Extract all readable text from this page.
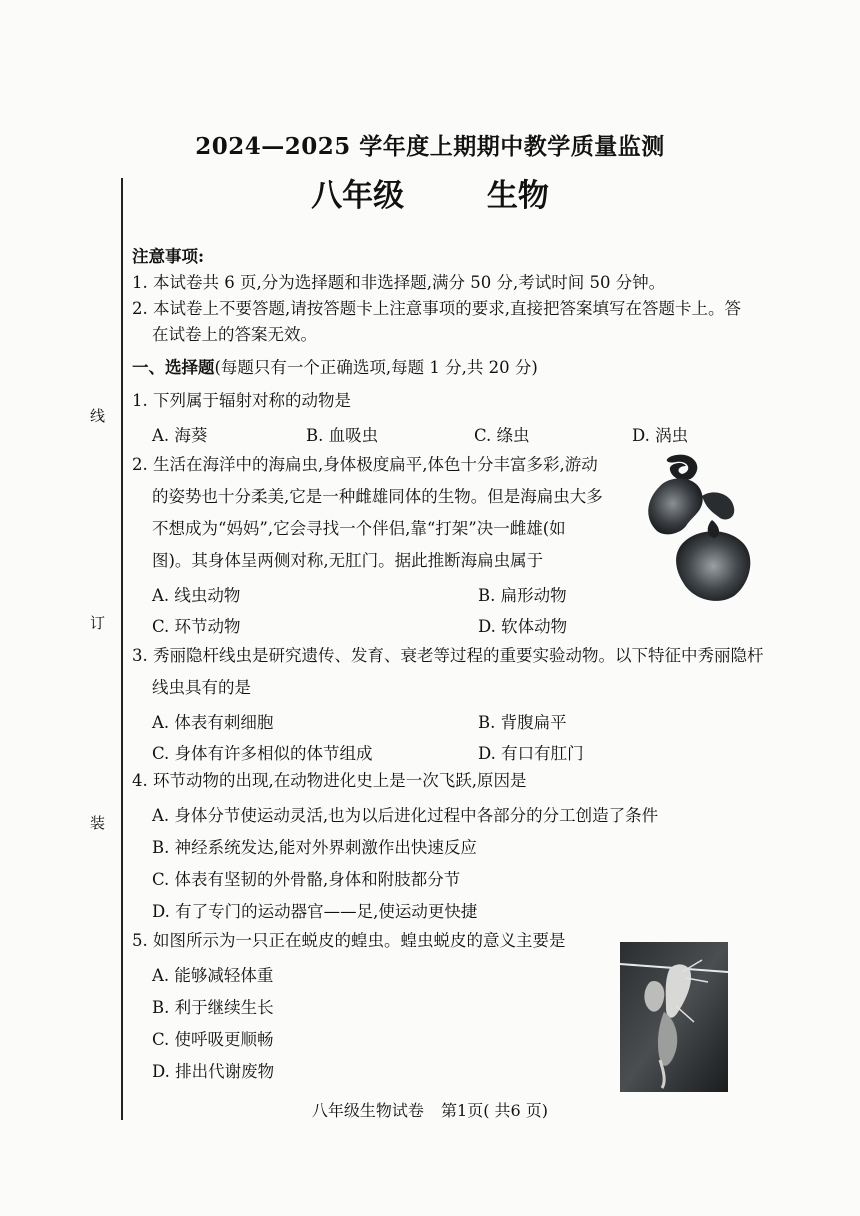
2024—2025 学年度上期期中教学质量监测
八年级	生物
线
订
装
注意事项:
1. 本试卷共 6 页,分为选择题和非选择题,满分 50 分,考试时间 50 分钟。
2. 本试卷上不要答题,请按答题卡上注意事项的要求,直接把答案填写在答题卡上。答
在试卷上的答案无效。
一、选择题(每题只有一个正确选项,每题 1 分,共 20 分)
1. 下列属于辐射对称的动物是
A. 海葵	B. 血吸虫	C. 绦虫	D. 涡虫
2. 生活在海洋中的海扁虫,身体极度扁平,体色十分丰富多彩,游动
的姿势也十分柔美,它是一种雌雄同体的生物。但是海扁虫大多
不想成为“妈妈”,它会寻找一个伴侣,靠“打架”决一雌雄(如
图)。其身体呈两侧对称,无肛门。据此推断海扁虫属于
A. 线虫动物	B. 扁形动物
C. 环节动物	D. 软体动物
3. 秀丽隐杆线虫是研究遗传、发育、衰老等过程的重要实验动物。以下特征中秀丽隐杆
线虫具有的是
A. 体表有刺细胞	B. 背腹扁平
C. 身体有许多相似的体节组成	D. 有口有肛门
4. 环节动物的出现,在动物进化史上是一次飞跃,原因是
A. 身体分节使运动灵活,也为以后进化过程中各部分的分工创造了条件
B. 神经系统发达,能对外界刺激作出快速反应
C. 体表有坚韧的外骨骼,身体和附肢都分节
D. 有了专门的运动器官——足,使运动更快捷
5. 如图所示为一只正在蜕皮的蝗虫。蝗虫蜕皮的意义主要是
A. 能够减轻体重
B. 利于继续生长
C. 使呼吸更顺畅
D. 排出代谢废物
八年级生物试卷 第1页( 共6 页)
